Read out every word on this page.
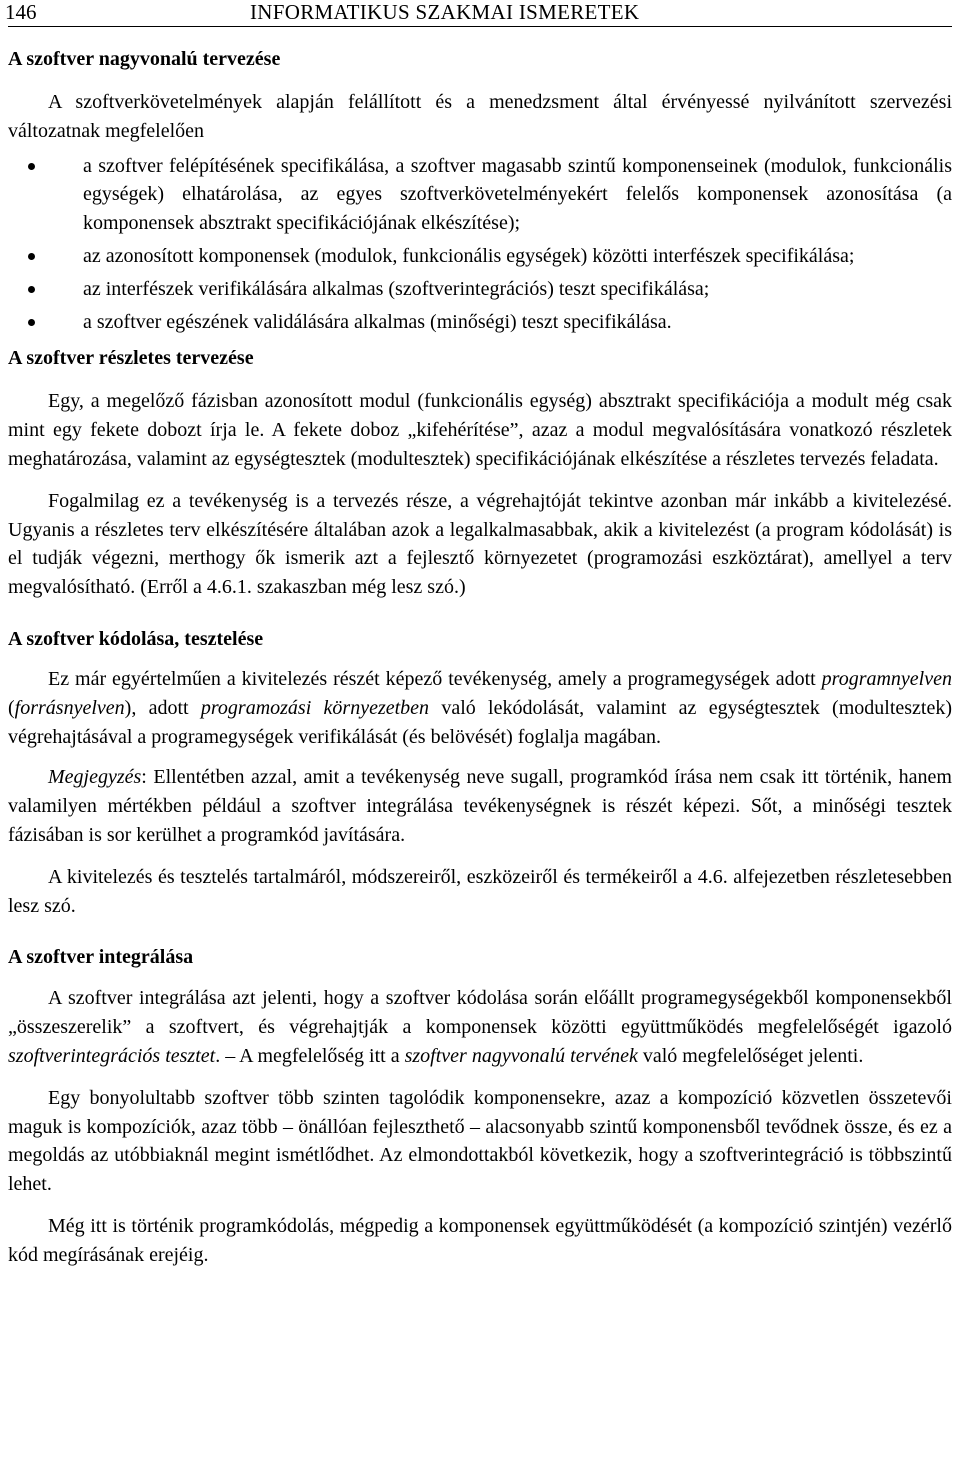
146	INFORMATIKUS SZAKMAI ISMERETEK
A szoftver nagyvonalú tervezése

A szoftverkövetelmények alapján felállított és a menedzsment által érvényessé nyilvánított szervezési változatnak megfelelően

a szoftver felépítésének specifikálása, a szoftver magasabb szintű komponenseinek (modulok, funkcionális egységek) elhatárolása, az egyes szoftverkövetelményekért felelős komponensek azonosítása (a komponensek absztrakt specifikációjának elkészítése);
az azonosított komponensek (modulok, funkcionális egységek) közötti interfészek specifikálása;
az interfészek verifikálására alkalmas (szoftverintegrációs) teszt specifikálása;
a szoftver egészének validálására alkalmas (minőségi) teszt specifikálása.
A szoftver részletes tervezése

Egy, a megelőző fázisban azonosított modul (funkcionális egység) absztrakt specifikációja a modult még csak mint egy fekete dobozt írja le. A fekete doboz „kifehérítése”, azaz a modul megvalósítására vonatkozó részletek meghatározása, valamint az egységtesztek (modultesztek) specifikációjának elkészítése a részletes tervezés feladata.

Fogalmilag ez a tevékenység is a tervezés része, a végrehajtóját tekintve azonban már inkább a kivitelezésé. Ugyanis a részletes terv elkészítésére általában azok a legalkalmasabbak, akik a kivitelezést (a program kódolását) is el tudják végezni, merthogy ők ismerik azt a fejlesztő környezetet (programozási eszköztárat), amellyel a terv megvalósítható. (Erről a 4.6.1. szakaszban még lesz szó.)

A szoftver kódolása, tesztelése

Ez már egyértelműen a kivitelezés részét képező tevékenység, amely a programegységek adott programnyelven (forrásnyelven), adott programozási környezetben való lekódolását, valamint az egységtesztek (modultesztek) végrehajtásával a programegységek verifikálását (és belövését) foglalja magában.

Megjegyzés: Ellentétben azzal, amit a tevékenység neve sugall, programkód írása nem csak itt történik, hanem valamilyen mértékben például a szoftver integrálása tevékenységnek is részét képezi. Sőt, a minőségi tesztek fázisában is sor kerülhet a programkód javítására.

A kivitelezés és tesztelés tartalmáról, módszereiről, eszközeiről és termékeiről a 4.6. alfejezetben részletesebben lesz szó.

A szoftver integrálása

A szoftver integrálása azt jelenti, hogy a szoftver kódolása során előállt programegységekből komponensekből „összeszerelik” a szoftvert, és végrehajtják a komponensek közötti együttműködés megfelelőségét igazoló szoftverintegrációs tesztet. – A megfelelőség itt a szoftver nagyvonalú tervének való megfelelőséget jelenti.

Egy bonyolultabb szoftver több szinten tagolódik komponensekre, azaz a kompozíció közvetlen összetevői maguk is kompozíciók, azaz több – önállóan fejleszthető – alacsonyabb szintű komponensből tevődnek össze, és ez a megoldás az utóbbiaknál megint ismétlődhet. Az elmondottakból következik, hogy a szoftverintegráció is többszintű lehet.

Még itt is történik programkódolás, mégpedig a komponensek együttműködését (a kompozíció szintjén) vezérlő kód megírásának erejéig.
